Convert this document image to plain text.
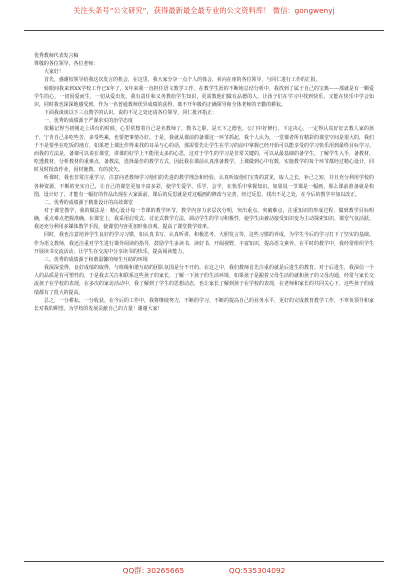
关注头条号“公文研究”，获得最新最全最专业的公文资料库！ 微信：gongwenyj

优秀教师代表发言稿

尊敬的各位领导、各位老师：

大家好！

首先，感谢校领导给我这次发言的机会，在这里，我大家分享一点个人的体会，祈向在座的各位领导，与同仁进行工作的汇报。

转眼间我来到XX学校工作已X年了，X年来我一直担任语文教学工作。在教学生涯的不断地总结分析中，我找到了属于自己的宝典——那就是有一颗爱学生的心，一切因爱而生，一切从爱出发。我有责任和义务教给学生知识，更需教他们做有品德的人，让孩子们在学习中找到快乐、又能在快乐中学会知识，同时我也深深地感受到，作为一名普通教师优异成绩的获得，离不开年级的正确领导和全体老师的辛勤的耕耘。

下面我谈谈以下三点教学的认识，说的不足之处还请各位领导，同仁批评指正：

一、优秀的成绩源于严谨求实的治学态度

依稀记得当初刚走上讲台的时候，心里常想着自己是名教师了，教书之职，是天下之德也，公门中好修行，下定决心，一定得认真好好去教人家的孩子，宁肯自己多吃些苦，多受些累，也要把事情办好。于是，我就从课前的备课这一环节抓起，我个人认为，一堂课者所有精彩的课堂空间是很大的，我们千不是要坐在吃饭的地方，如果把上课比作得来找的耳朵与心的话，那需要先让学生在学习的前中掌握已经开始可以能享受的学习快乐用到最终目标学习。而我的方法是，备课可以说在课堂，讲课的好学上不能用太多的心思，这对于学生的学习是非常关键的，可以从最基础的备学生，了解学生入手，备教材，吃透教材，分析教材的重难点，备教法，选择最佳的教学方式。因此我在课前认真准备教学，上课做到心中有数，实施教学的每个环节都经过精心设计，同时及时批改作业，因材施教，有的放矢。

听课时，我也非常注重学习，注意向老教师学习他们的先进的教学理念和经验，认真听取他们宝贵的意见，取人之长，补己之短，并且充分利用学校的各种资源，不断的充实自己，让自己的课堂更加丰富多彩，使学生爱学、乐学、会学，在快乐中掌握知识。如果说一节课是一幅画，那么课前准备就是构图，设计好了，才能有一幅好的作品出现在大家面前，课后的反思就是对这幅画的修改与完善，经过反思，找出不足之处，在今后的教学中加以改正。

二、优秀的成绩源于精准设计的高效课堂

对于课堂教学，我的做法是：精心设计每一节课的教学环节，教学内容力求层次分明，突出重点、突破难点，注重知识的形成过程，做到教学目标明确，重点难点把握准确，在课堂上，我采用启发式、讨论式教学方法，调动学生的学习积极性，使学生由被动接受知识变为主动探索知识，课堂气氛活跃。我还充分利用多媒体教学手段，使课堂内容更加形象直观，提高了课堂教学效率。

同时，我也注意培养学生良好的学习习惯，如认真书写、认真听讲、积极思考、大胆发言等，这些习惯的养成，为学生今后的学习打下了坚实的基础。作为语文教师，我还注重对学生进行课外阅读的指导，鼓励学生多读书，读好书，开阔视野，丰富知识，提高语文素养。在平时的教学中，我经常组织学生开展读书交流活动，让学生在交流中分享读书的快乐，提高阅读能力。

三、优秀的成绩源于和谐温馨的师生互助的环境

我深深觉得，良好成绩的取得，与班级和谐互助的团队氛围是分不开的。在这之中，我们教师首先注重的就是后进生的教育。对于后进生，我深信一个人的品质是有可塑性的，于是我去关注和联系这些孩子的家长，了解一下孩子的生活环境，如果孩子是跟着父母生活的就和孩子的父母沟通，经常与家长交流孩子在学校的表现，在多次的家访活动中，我了解到了学生的思想动态，也让家长了解到孩子在学校的表现，在老师和家长的共同关心下，这些孩子的成绩都有了很大的提高。

总之，一分耕耘，一分收获，在今后的工作中，我将继续努力，不断的学习，不断的提高自己的业务水平，更好的完成教育教学工作，不辜负领导和家长对我的期望。为学校的发展贡献自己的力量！谢谢大家！

QQ群: 30265665	QQ:535304092
